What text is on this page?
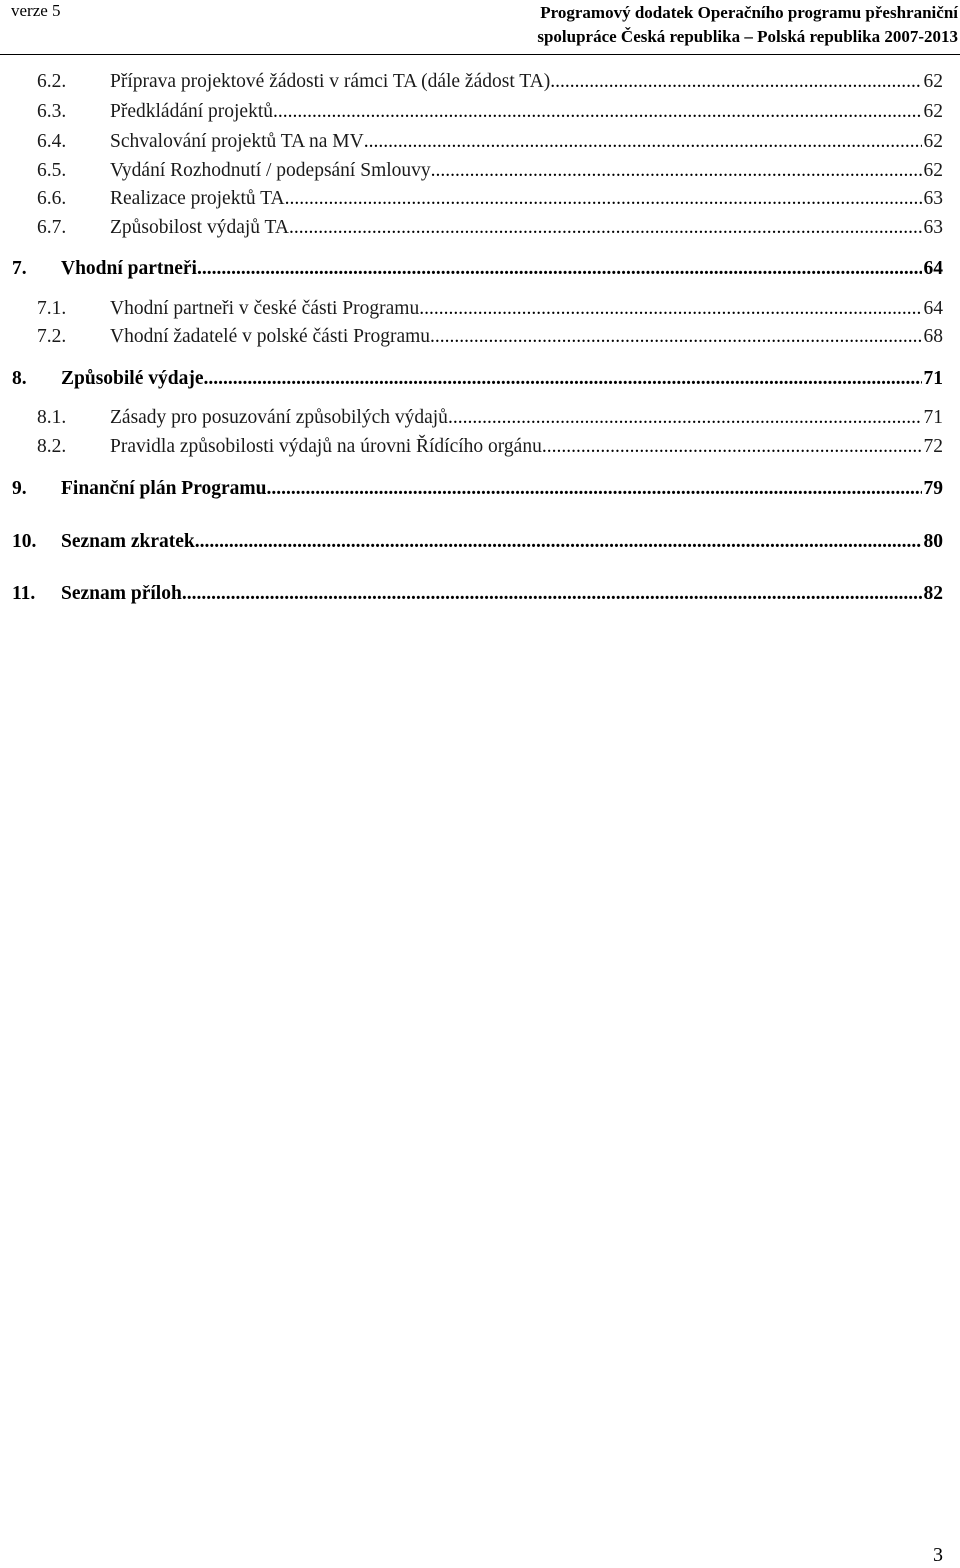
verze 5	Programový dodatek Operačního programu přeshraniční
spolupráce Česká republika – Polská republika 2007-2013
6.2. Příprava projektové žádosti v rámci TA (dále žádost TA) .....	62
6.3. Předkládání projektů .....	62
6.4. Schvalování projektů TA na MV .....	62
6.5. Vydání Rozhodnutí / podepsání Smlouvy .....	62
6.6. Realizace projektů TA .....	63
6.7. Způsobilost výdajů TA .....	63
7. Vhodní partneři .....	64
7.1. Vhodní partneři v české části Programu .....	64
7.2. Vhodní žadatelé v polské části Programu .....	68
8. Způsobilé výdaje .....	71
8.1. Zásady pro posuzování způsobilých výdajů .....	71
8.2. Pravidla způsobilosti výdajů na úrovni Řídícího orgánu .....	72
9. Finanční plán Programu .....	79
10. Seznam zkratek .....	80
11. Seznam příloh .....	82
3
